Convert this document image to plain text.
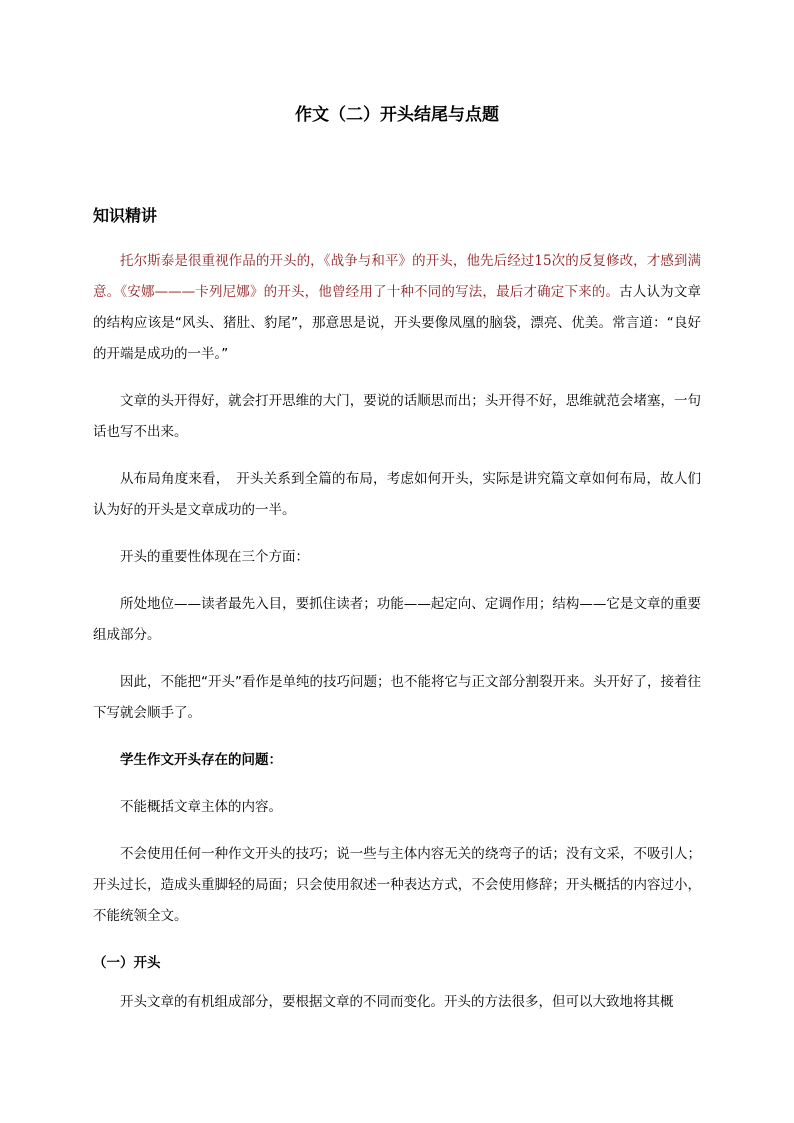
作文（二）开头结尾与点题
知识精讲

托尔斯泰是很重视作品的开头的，《战争与和平》的开头，他先后经过15次的反复修改，才感到满意。《安娜———卡列尼娜》的开头，他曾经用了十种不同的写法，最后才确定下来的。古人认为文章的结构应该是“风头、猪肚、豹尾”，那意思是说，开头要像凤凰的脑袋，漂亮、优美。常言道：“良好的开端是成功的一半。”

文章的头开得好，就会打开思维的大门，要说的话顺思而出；头开得不好，思维就范会堵塞，一句话也写不出来。

从布局角度来看，　开头关系到全篇的布局，考虑如何开头，实际是讲究篇文章如何布局，故人们认为好的开头是文章成功的一半。

开头的重要性体现在三个方面：

所处地位——读者最先入目，要抓住读者；功能——起定向、定调作用；结构——它是文章的重要组成部分。

因此，不能把“开头”看作是单纯的技巧问题；也不能将它与正文部分割裂开来。头开好了，接着往下写就会顺手了。

学生作文开头存在的问题：

不能概括文章主体的内容。

不会使用任何一种作文开头的技巧；说一些与主体内容无关的绕弯子的话；没有文采，不吸引人；开头过长，造成头重脚轻的局面；只会使用叙述一种表达方式，不会使用修辞；开头概括的内容过小，不能统领全文。

（一）开头

开头文章的有机组成部分，要根据文章的不同而变化。开头的方法很多，但可以大致地将其概
